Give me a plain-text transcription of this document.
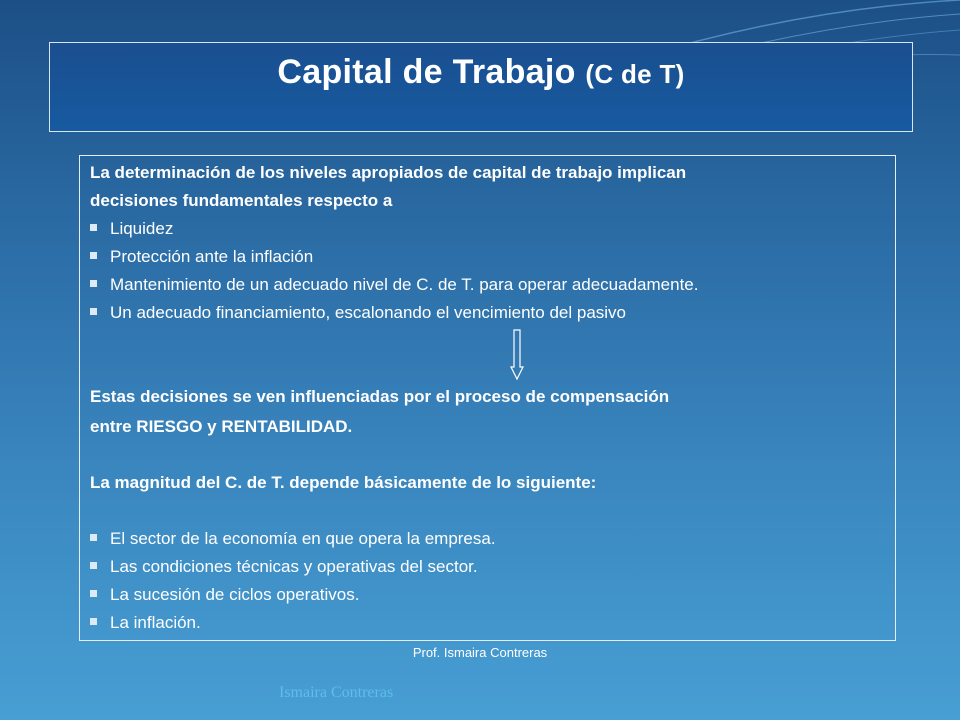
Capital de Trabajo (C de T)
La determinación de los niveles apropiados de capital de trabajo implican
decisiones fundamentales respecto a
Liquidez
Protección ante la inflación
Mantenimiento de un adecuado nivel de C. de T. para operar adecuadamente.
Un adecuado financiamiento, escalonando el vencimiento del pasivo
Estas decisiones se ven influenciadas por el proceso de compensación
entre RIESGO y RENTABILIDAD.
La magnitud del C. de T. depende básicamente de lo siguiente:
El sector de la economía en que opera la empresa.
Las condiciones técnicas y operativas del sector.
La sucesión de ciclos operativos.
La inflación.
Prof. Ismaira Contreras
Ismaira Contreras
